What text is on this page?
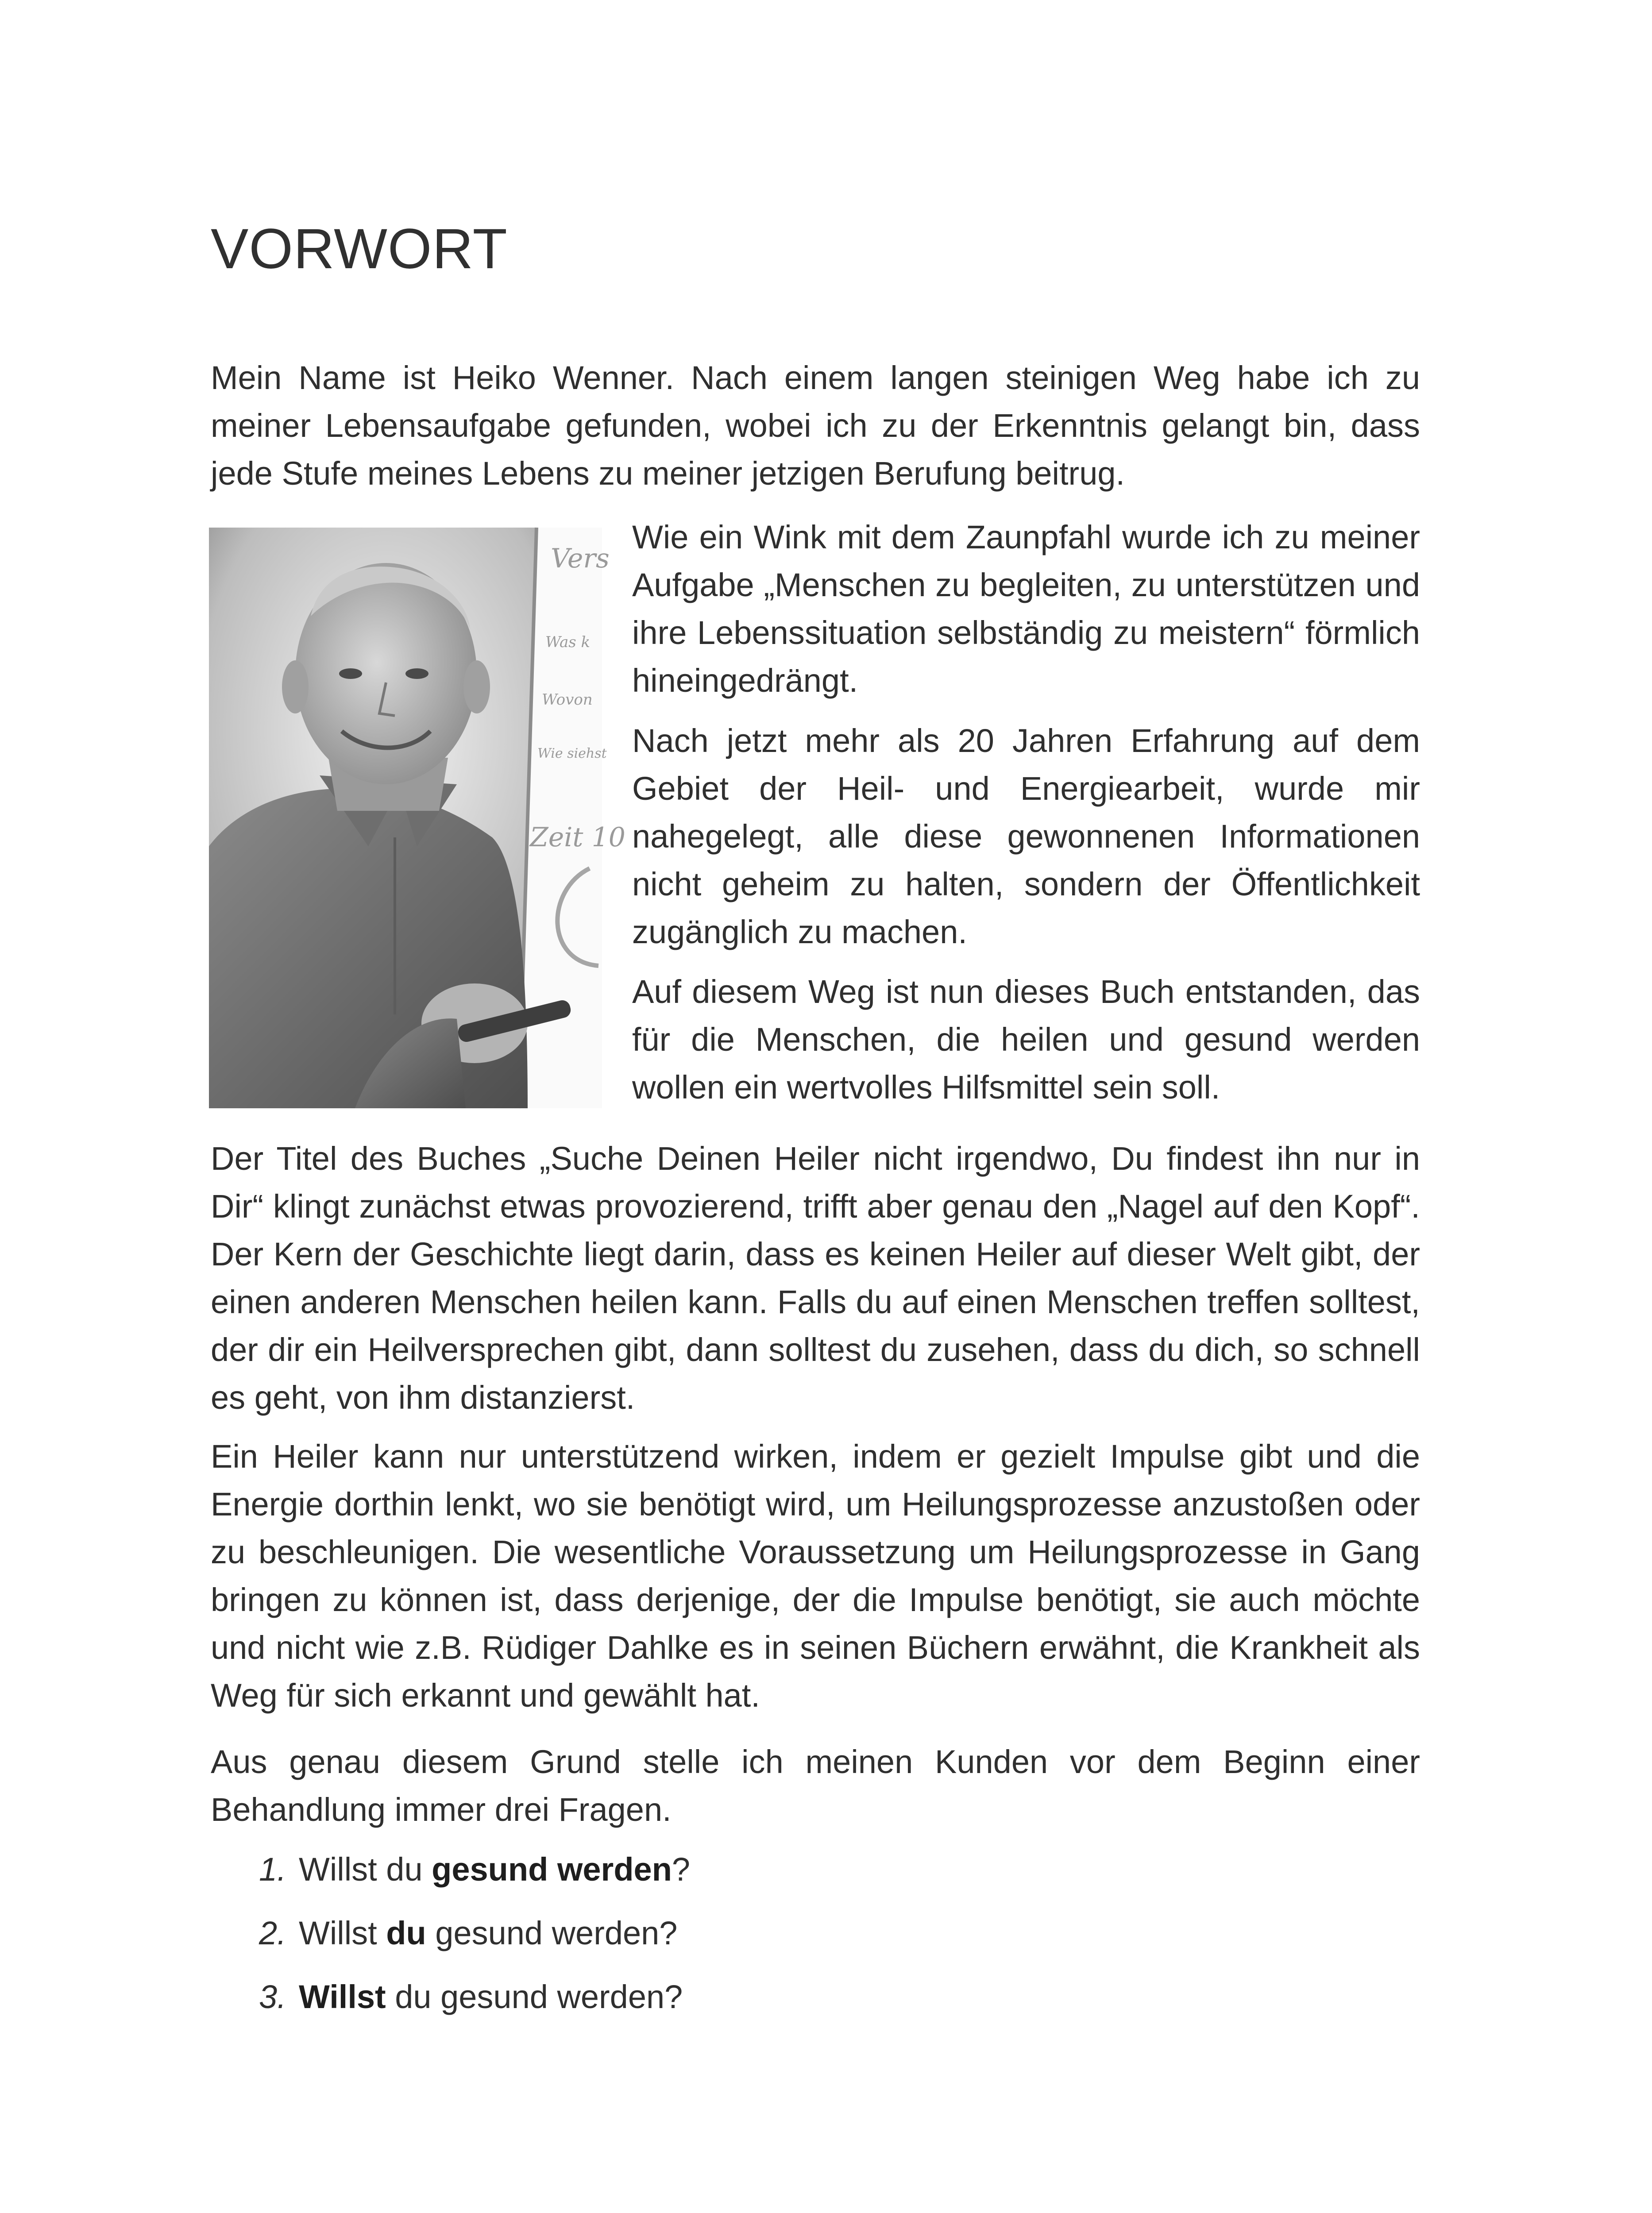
VORWORT

Mein Name ist Heiko Wenner. Nach einem langen steinigen Weg habe ich zu meiner Lebensaufgabe gefunden, wobei ich zu der Erkenntnis gelangt bin, dass jede Stufe meines Lebens zu meiner jetzigen Berufung beitrug.

Vers
Was k
Wovon
Wie siehst
Zeit 10

Wie ein Wink mit dem Zaunpfahl wurde ich zu meiner Aufgabe „Menschen zu begleiten, zu unterstützen und ihre Lebenssituation selbständig zu meistern“ förmlich hineingedrängt.

Nach jetzt mehr als 20 Jahren Erfahrung auf dem Gebiet der Heil- und Energiearbeit, wurde mir nahegelegt, alle diese gewonnenen Informationen nicht geheim zu halten, sondern der Öffentlichkeit zugänglich zu machen.

Auf diesem Weg ist nun dieses Buch entstanden, das für die Menschen, die heilen und gesund werden wollen ein wertvolles Hilfsmittel sein soll.

Der Titel des Buches „Suche Deinen Heiler nicht irgendwo, Du findest ihn nur in Dir“ klingt zunächst etwas provozierend, trifft aber genau den „Nagel auf den Kopf“. Der Kern der Geschichte liegt darin, dass es keinen Heiler auf dieser Welt gibt, der einen anderen Menschen heilen kann. Falls du auf einen Menschen treffen solltest, der dir ein Heilversprechen gibt, dann solltest du zusehen, dass du dich, so schnell es geht, von ihm distanzierst.

Ein Heiler kann nur unterstützend wirken, indem er gezielt Impulse gibt und die Energie dorthin lenkt, wo sie benötigt wird, um Heilungsprozesse anzustoßen oder zu beschleunigen. Die wesentliche Voraussetzung um Heilungsprozesse in Gang bringen zu können ist, dass derjenige, der die Impulse benötigt, sie auch möchte und nicht wie z.B. Rüdiger Dahlke es in seinen Büchern erwähnt, die Krankheit als Weg für sich erkannt und gewählt hat.

Aus genau diesem Grund stelle ich meinen Kunden vor dem Beginn einer Behandlung immer drei Fragen.

1. Willst du gesund werden?
2. Willst du gesund werden?
3. Willst du gesund werden?
